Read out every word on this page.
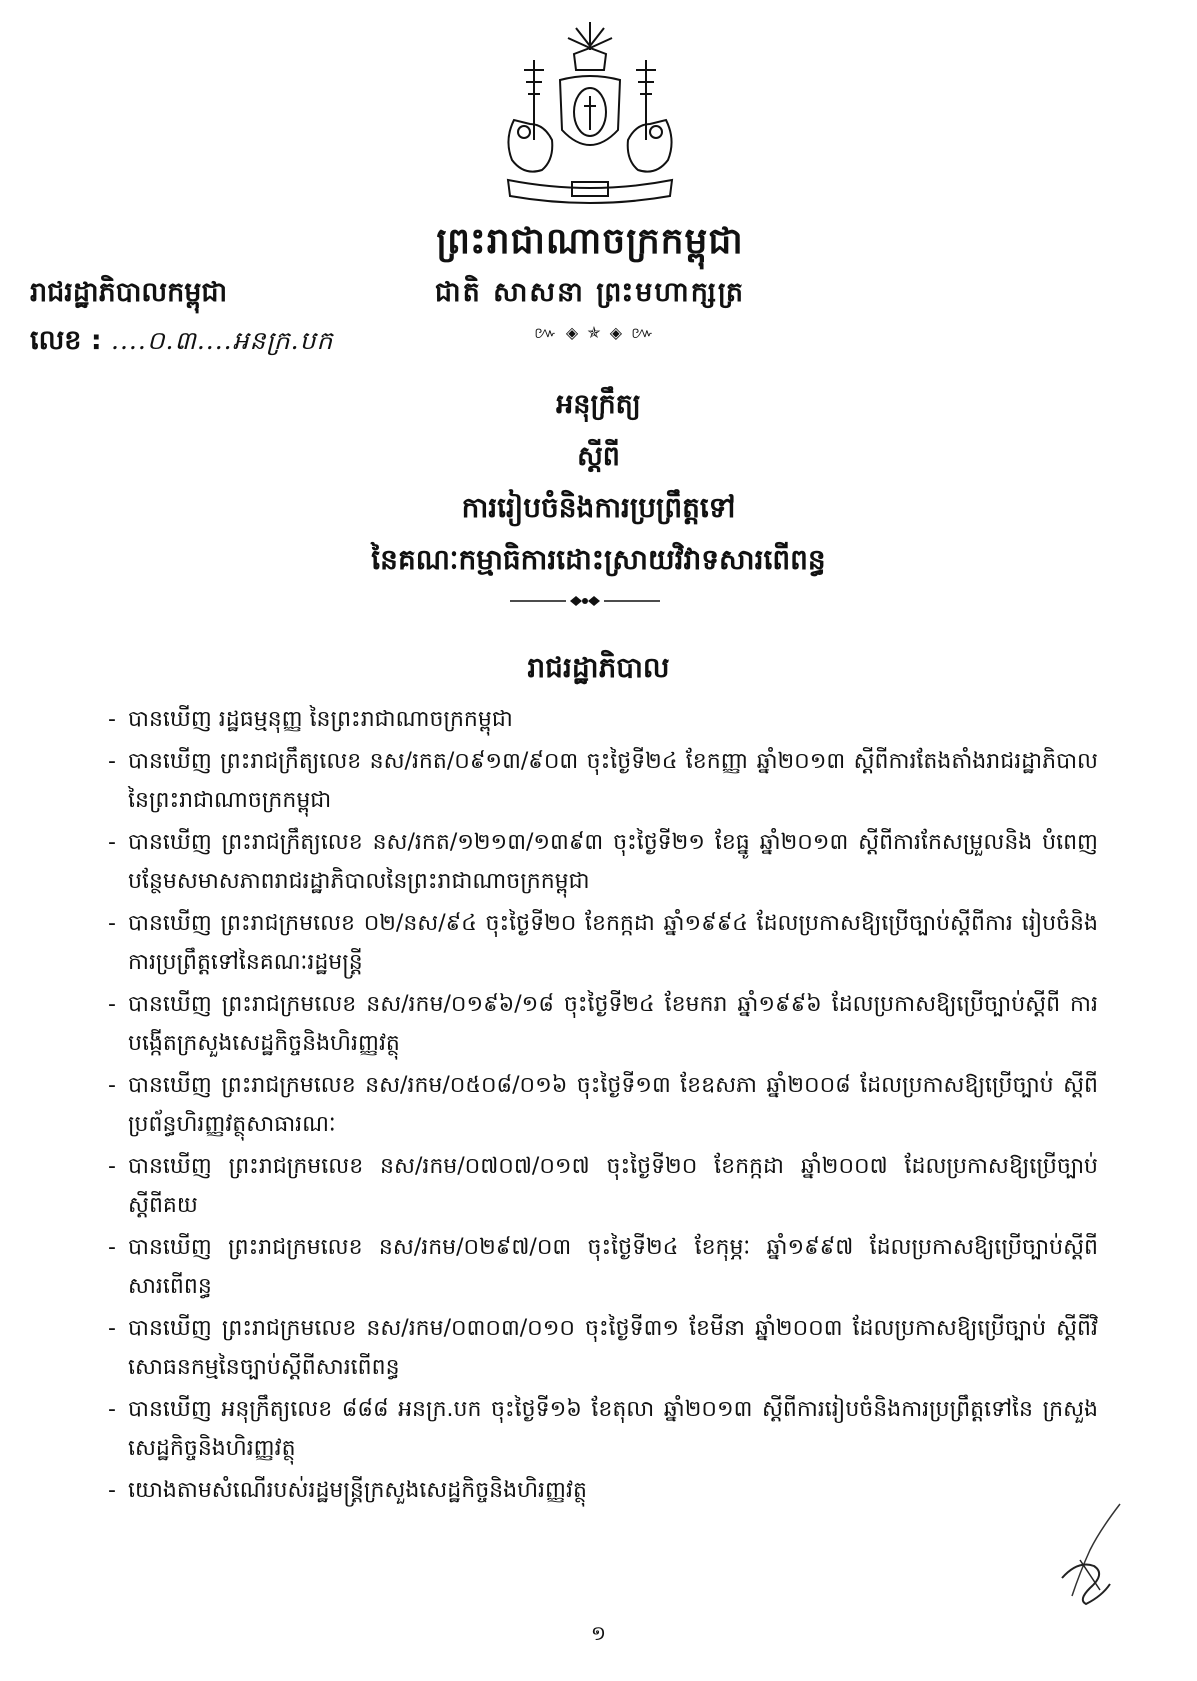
ព្រះរាជាណាចក្រកម្ពុជា
ជាតិ សាសនា ព្រះមហាក្សត្រ
៚ ◈ ✯ ◈ ៚
រាជរដ្ឋាភិបាលកម្ពុជា
លេខ : ....០.៣....អនក្រ.បក
អនុក្រឹត្យ
ស្តីពី
ការរៀបចំនិងការប្រព្រឹត្តទៅ
នៃគណៈកម្មាធិការដោះស្រាយវិវាទសារពើពន្ធ
រាជរដ្ឋាភិបាល
- បានឃើញ រដ្ឋធម្មនុញ្ញ នៃព្រះរាជាណាចក្រកម្ពុជា
- បានឃើញ ព្រះរាជក្រឹត្យលេខ នស/រកត/០៩១៣/៩០៣ ចុះថ្ងៃទី២៤ ខែកញ្ញា ឆ្នាំ២០១៣ ស្តីពីការតែងតាំងរាជរដ្ឋាភិបាល នៃព្រះរាជាណាចក្រកម្ពុជា
- បានឃើញ ព្រះរាជក្រឹត្យលេខ នស/រកត/១២១៣/១៣៩៣ ចុះថ្ងៃទី២១ ខែធ្នូ ឆ្នាំ២០១៣ ស្តីពីការកែសម្រួលនិង បំពេញបន្ថែមសមាសភាពរាជរដ្ឋាភិបាលនៃព្រះរាជាណាចក្រកម្ពុជា
- បានឃើញ ព្រះរាជក្រមលេខ ០២/នស/៩៤ ចុះថ្ងៃទី២០ ខែកក្កដា ឆ្នាំ១៩៩៤ ដែលប្រកាសឱ្យប្រើច្បាប់ស្តីពីការ រៀបចំនិងការប្រព្រឹត្តទៅនៃគណៈរដ្ឋមន្ត្រី
- បានឃើញ ព្រះរាជក្រមលេខ នស/រកម/០១៩៦/១៨ ចុះថ្ងៃទី២៤ ខែមករា ឆ្នាំ១៩៩៦ ដែលប្រកាសឱ្យប្រើច្បាប់ស្តីពី ការបង្កើតក្រសួងសេដ្ឋកិច្ចនិងហិរញ្ញវត្ថុ
- បានឃើញ ព្រះរាជក្រមលេខ នស/រកម/០៥០៨/០១៦ ចុះថ្ងៃទី១៣ ខែឧសភា ឆ្នាំ២០០៨ ដែលប្រកាសឱ្យប្រើច្បាប់ ស្តីពីប្រព័ន្ធហិរញ្ញវត្ថុសាធារណៈ
- បានឃើញ ព្រះរាជក្រមលេខ នស/រកម/០៧០៧/០១៧ ចុះថ្ងៃទី២០ ខែកក្កដា ឆ្នាំ២០០៧ ដែលប្រកាសឱ្យប្រើច្បាប់ ស្តីពីគយ
- បានឃើញ ព្រះរាជក្រមលេខ នស/រកម/០២៩៧/០៣ ចុះថ្ងៃទី២៤ ខែកុម្ភៈ ឆ្នាំ១៩៩៧ ដែលប្រកាសឱ្យប្រើច្បាប់ស្តីពី សារពើពន្ធ
- បានឃើញ ព្រះរាជក្រមលេខ នស/រកម/០៣០៣/០១០ ចុះថ្ងៃទី៣១ ខែមីនា ឆ្នាំ២០០៣ ដែលប្រកាសឱ្យប្រើច្បាប់ ស្តីពីវិសោធនកម្មនៃច្បាប់ស្តីពីសារពើពន្ធ
- បានឃើញ អនុក្រឹត្យលេខ ៨៨៨ អនក្រ.បក ចុះថ្ងៃទី១៦ ខែតុលា ឆ្នាំ២០១៣ ស្តីពីការរៀបចំនិងការប្រព្រឹត្តទៅនៃ ក្រសួងសេដ្ឋកិច្ចនិងហិរញ្ញវត្ថុ
- យោងតាមសំណើរបស់រដ្ឋមន្ត្រីក្រសួងសេដ្ឋកិច្ចនិងហិរញ្ញវត្ថុ
១
